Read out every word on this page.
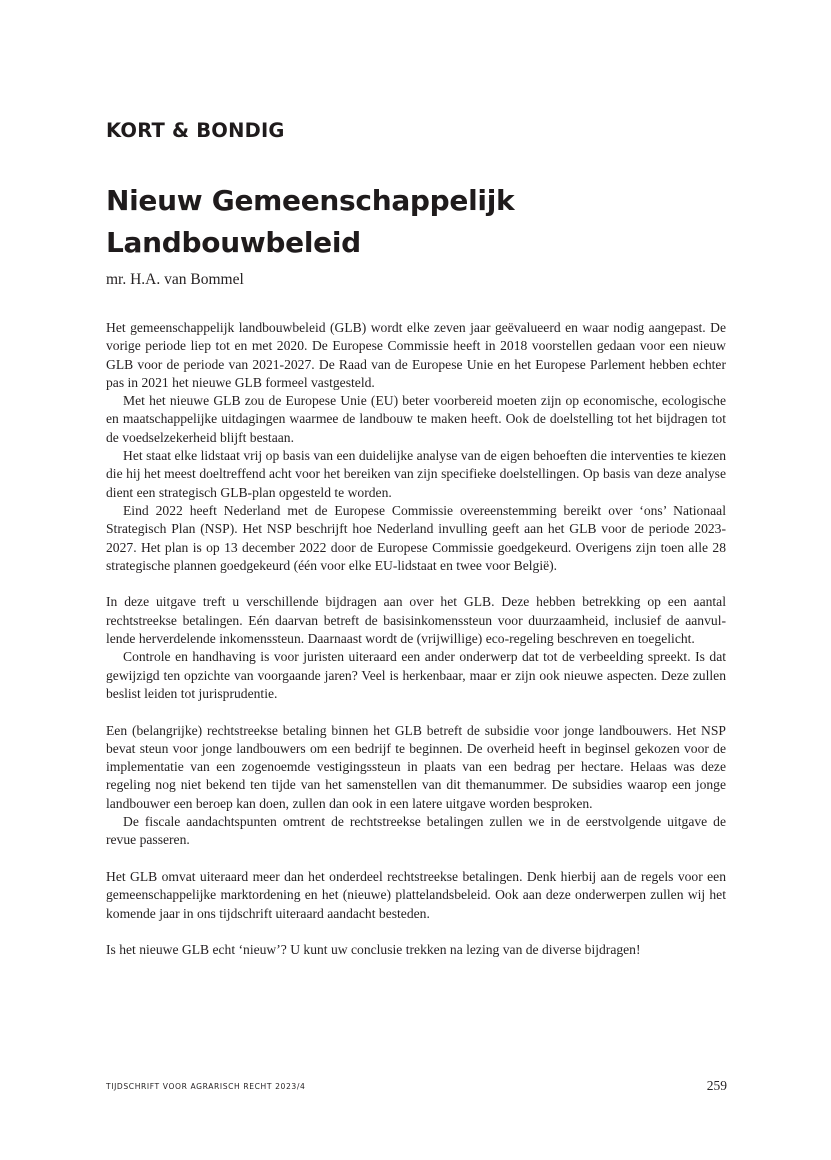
KORT & BONDIG
Nieuw Gemeenschappelijk Landbouwbeleid
mr. H.A. van Bommel

Het gemeenschappelijk landbouwbeleid (GLB) wordt elke zeven jaar geëvalueerd en waar nodig aangepast. De vorige periode liep tot en met 2020. De Europese Commissie heeft in 2018 voorstellen gedaan voor een nieuw GLB voor de periode van 2021-2027. De Raad van de Europese Unie en het Europese Parlement hebben echter pas in 2021 het nieuwe GLB formeel vastgesteld.

Met het nieuwe GLB zou de Europese Unie (EU) beter voorbereid moeten zijn op economische, ecologische en maatschappelijke uitdagingen waarmee de landbouw te maken heeft. Ook de doelstelling tot het bijdragen tot de voedselzekerheid blijft bestaan.

Het staat elke lidstaat vrij op basis van een duidelijke analyse van de eigen behoeften die interventies te kiezen die hij het meest doeltreffend acht voor het bereiken van zijn specifieke doelstellingen. Op basis van deze analyse dient een strategisch GLB-plan opgesteld te worden.

Eind 2022 heeft Nederland met de Europese Commissie overeenstemming bereikt over ‘ons’ Nationaal Strategisch Plan (NSP). Het NSP beschrijft hoe Nederland invulling geeft aan het GLB voor de periode 2023-2027. Het plan is op 13 december 2022 door de Europese Commissie goedgekeurd. Overigens zijn toen alle 28 strategische plannen goedgekeurd (één voor elke EU-lidstaat en twee voor België).

In deze uitgave treft u verschillende bijdragen aan over het GLB. Deze hebben betrekking op een aantal rechtstreekse betalingen. Eén daarvan betreft de basisinkomenssteun voor duurzaamheid, inclusief de aanvullende herverdelende inkomenssteun. Daarnaast wordt de (vrijwillige) eco-regeling beschreven en toegelicht.

Controle en handhaving is voor juristen uiteraard een ander onderwerp dat tot de verbeelding spreekt. Is dat gewijzigd ten opzichte van voorgaande jaren? Veel is herkenbaar, maar er zijn ook nieuwe aspecten. Deze zullen beslist leiden tot jurisprudentie.

Een (belangrijke) rechtstreekse betaling binnen het GLB betreft de subsidie voor jonge landbouwers. Het NSP bevat steun voor jonge landbouwers om een bedrijf te beginnen. De overheid heeft in beginsel gekozen voor de implementatie van een zogenoemde vestigingssteun in plaats van een bedrag per hectare. Helaas was deze regeling nog niet bekend ten tijde van het samenstellen van dit themanummer. De subsidies waarop een jonge landbouwer een beroep kan doen, zullen dan ook in een latere uitgave worden besproken.

De fiscale aandachtspunten omtrent de rechtstreekse betalingen zullen we in de eerstvolgende uitgave de revue passeren.

Het GLB omvat uiteraard meer dan het onderdeel rechtstreekse betalingen. Denk hierbij aan de regels voor een gemeenschappelijke marktordening en het (nieuwe) plattelandsbeleid. Ook aan deze onderwerpen zullen wij het komende jaar in ons tijdschrift uiteraard aandacht besteden.

Is het nieuwe GLB echt ‘nieuw’? U kunt uw conclusie trekken na lezing van de diverse bijdragen!

TIJDSCHRIFT VOOR AGRARISCH RECHT 2023/4	259
